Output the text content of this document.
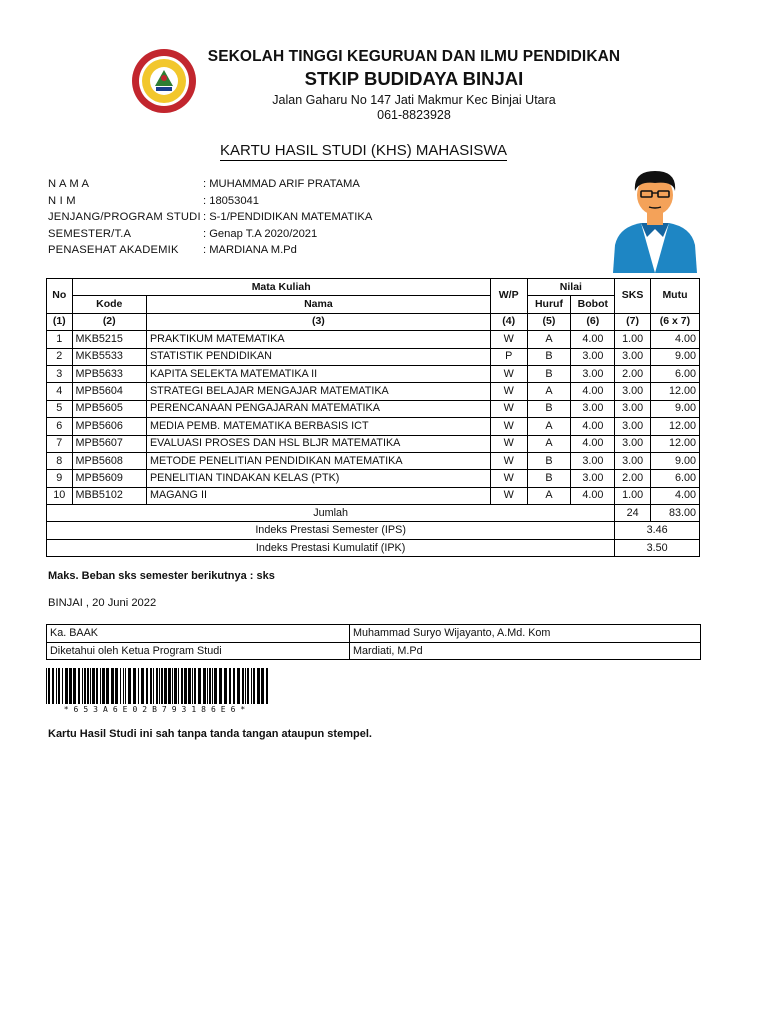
SEKOLAH TINGGI KEGURUAN DAN ILMU PENDIDIKAN
STKIP BUDIDAYA BINJAI
Jalan Gaharu No 147 Jati Makmur Kec Binjai Utara
061-8823928
KARTU HASIL STUDI (KHS) MAHASISWA
N A M A	: MUHAMMAD ARIF PRATAMA
N I M	: 18053041
JENJANG/PROGRAM STUDI : S-1/PENDIDIKAN MATEMATIKA
SEMESTER/T.A	: Genap T.A 2020/2021
PENASEHAT AKADEMIK	: MARDIANA M.Pd
No	Mata Kuliah		W/P	Nilai		SKS	Mutu
	Kode	Nama		Huruf	Bobot		
(1)	(2)	(3)	(4)	(5)	(6)	(7)	(6 x 7)
1	MKB5215	PRAKTIKUM MATEMATIKA	W	A	4.00	1.00	4.00
2	MKB5533	STATISTIK PENDIDIKAN	P	B	3.00	3.00	9.00
3	MPB5633	KAPITA SELEKTA MATEMATIKA II	W	B	3.00	2.00	6.00
4	MPB5604	STRATEGI BELAJAR MENGAJAR MATEMATIKA	W	A	4.00	3.00	12.00
5	MPB5605	PERENCANAAN PENGAJARAN MATEMATIKA	W	B	3.00	3.00	9.00
6	MPB5606	MEDIA PEMB. MATEMATIKA BERBASIS ICT	W	A	4.00	3.00	12.00
7	MPB5607	EVALUASI PROSES DAN HSL BLJR MATEMATIKA	W	A	4.00	3.00	12.00
8	MPB5608	METODE PENELITIAN PENDIDIKAN MATEMATIKA	W	B	3.00	3.00	9.00
9	MPB5609	PENELITIAN TINDAKAN KELAS (PTK)	W	B	3.00	2.00	6.00
10	MBB5102	MAGANG II	W	A	4.00	1.00	4.00
Jumlah						24	83.00
Indeks Prestasi Semester (IPS)						3.46	
Indeks Prestasi Kumulatif (IPK)						3.50	
Maks. Beban sks semester berikutnya : sks
BINJAI , 20 Juni 2022
Ka. BAAK	Muhammad Suryo Wijayanto, A.Md. Kom
Diketahui oleh Ketua Program Studi	Mardiati, M.Pd
*653A6E02B793186E6*
Kartu Hasil Studi ini sah tanpa tanda tangan ataupun stempel.
